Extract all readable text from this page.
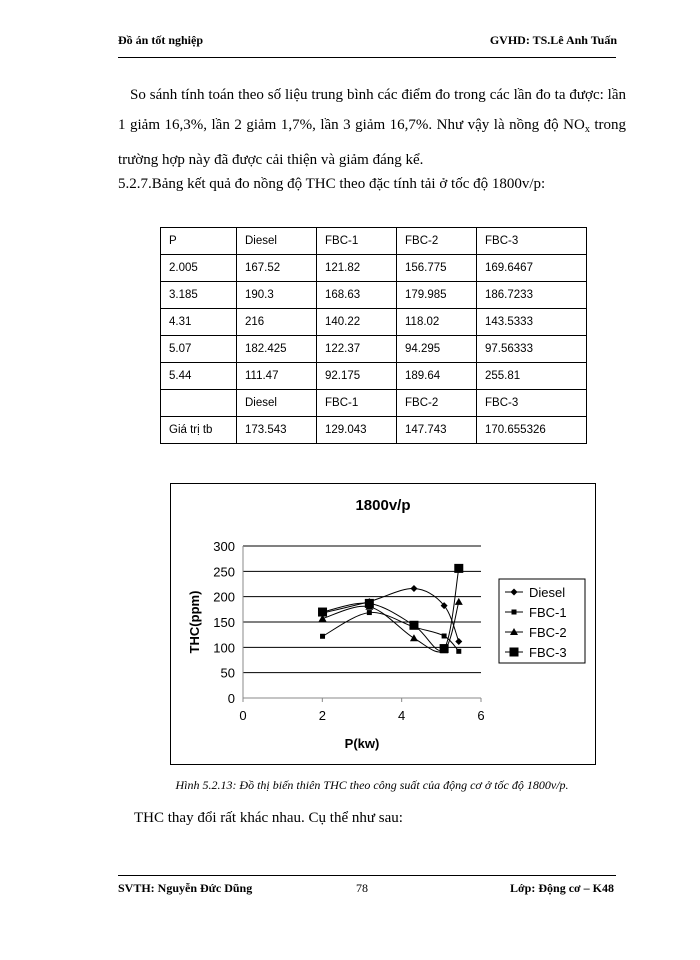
Đồ án tốt nghiệp	GVHD: TS.Lê Anh Tuấn

So sánh tính toán theo số liệu trung bình các điểm đo trong các lần đo ta được: lần 1 giảm 16,3%, lần 2 giảm 1,7%, lần 3 giảm 16,7%. Như vậy là nồng độ $NO_x$ trong trường hợp này đã được cải thiện và giảm đáng kể.

5.2.7.Bảng kết quả đo nồng độ THC theo đặc tính tải ở tốc độ 1800v/p:

P	Diesel	FBC-1	FBC-2	FBC-3
2.005	167.52	121.82	156.775	169.6467
3.185	190.3	168.63	179.985	186.7233
4.31	216	140.22	118.02	143.5333
5.07	182.425	122.37	94.295	97.56333
5.44	111.47	92.175	189.64	255.81
	Diesel	FBC-1	FBC-2	FBC-3
Giá trị tb	173.543	129.043	147.743	170.655326
1800v/p
0
50
100
150
200
250
300
0	2	4	6
P(kw)
THC(ppm)	Diesel
FBC-1
FBC-2
FBC-3
Hình 5.2.13: Đồ thị biến thiên THC theo công suất của động cơ ở tốc độ 1800v/p.
THC thay đổi rất khác nhau. Cụ thể như sau:
SVTH: Nguyễn Đức Dũng	78	Lớp: Động cơ – K48
